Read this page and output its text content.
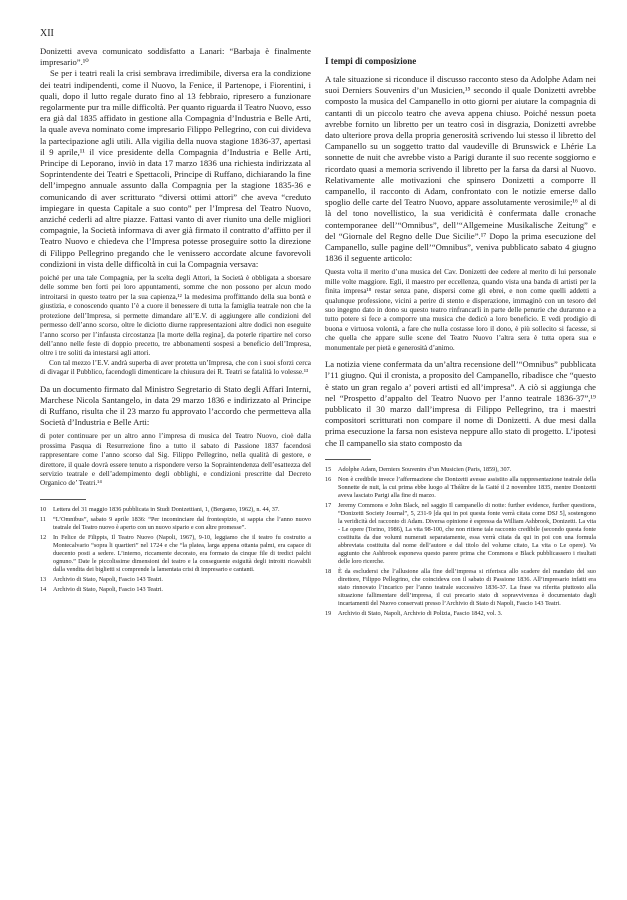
XII

Donizetti aveva comunicato soddisfatto a Lanari: “Barbaja è finalmente impresario”.¹⁰

Se per i teatri reali la crisi sembrava irredimibile, diversa era la condizione dei teatri indipendenti, come il Nuovo, la Fenice, il Partenope, i Fiorentini, i quali, dopo il lutto regale durato fino al 13 febbraio, ripresero a funzionare regolarmente pur tra mille difficoltà. Per quanto riguarda il Teatro Nuovo, esso era già dal 1835 affidato in gestione alla Compagnia d’Industria e Belle Arti, la quale aveva nominato come impresario Filippo Pellegrino, con cui divideva la partecipazione agli utili. Alla vigilia della nuova stagione 1836-37, apertasi il 9 aprile,¹¹ il vice presidente della Compagnia d’Industria e Belle Arti, Principe di Leporano, inviò in data 17 marzo 1836 una richiesta indirizzata al Soprintendente dei Teatri e Spettacoli, Principe di Ruffano, dichiarando la fine dell’impegno annuale assunto dalla Compagnia per la stagione 1835-36 e comunicando di aver scritturato “diversi ottimi attori” che aveva “creduto impiegare in questa Capitale a suo conto” per l’Impresa del Teatro Nuovo, anziché cederli ad altre piazze. Fattasi vanto di aver riunito una delle migliori compagnie, la Società informava di aver già firmato il contratto d’affitto per il Teatro Nuovo e chiedeva che l’Impresa potesse proseguire sotto la direzione di Filippo Pellegrino pregando che le venissero accordate alcune favorevoli condizioni in vista delle difficoltà in cui la Compagnia versava:

poiché per una tale Compagnia, per la scelta degli Attori, la Società è obbligata a sborsare delle somme ben forti pei loro appuntamenti, somme che non possono per alcun modo introitarsi in questo teatro per la sua capienza,¹² la medesima proffittando della sua bontà e giustizia, e conoscendo quanto l’è a cuore il benessere di tutta la famiglia teatrale non che la protezione dell’Impresa, si permette dimandare all’E.V. di aggiungere alle condizioni del permesso dell’anno scorso, oltre le diciotto diurne rappresentazioni altre dodici non eseguite l’anno scorso per l’infausta circostanza [la morte della regina], da poterle ripartire nel corso dell’anno nelle feste di doppio precetto, tre abbonamenti sospesi a beneficio dell’Impresa, oltre i tre soliti da intestarsi agli attori.

Con tal mezzo l’E.V. andrà superba di aver protetta un’Impresa, che con i suoi sforzi cerca di divagar il Pubblico, facendogli dimenticare la chiusura dei R. Teatri se fatalità lo volesse.¹³

Da un documento firmato dal Ministro Segretario di Stato degli Affari Interni, Marchese Nicola Santangelo, in data 29 marzo 1836 e indirizzato al Principe di Ruffano, risulta che il 23 marzo fu approvato l’accordo che permetteva alla Società d’Industria e Belle Arti:

di poter continuare per un altro anno l’impresa di musica del Teatro Nuovo, cioè dalla prossima Pasqua di Resurrezione fino a tutto il sabato di Passione 1837 facendosi rappresentare come l’anno scorso dal Sig. Filippo Pellegrino, nella qualità di gestore, e direttore, il quale dovrà essere tenuto a rispondere verso la Sopraintendenza dell’esattezza del servizio teatrale e dell’adempimento degli obblighi, e condizioni prescritte dal Decreto Organico de’ Teatri.¹⁴

10 Lettera del 31 maggio 1836 pubblicata in Studi Donizettiani, 1, (Bergamo, 1962), n. 44, 37.
11 “L’Omnibus”, sabato 9 aprile 1836: “Per incominciare dal frontespizio, si sappia che l’anno nuovo teatrale del Teatro nuovo è aperto con un nuovo sipario e con altre promesse”.
12 In Felice de Filippis, Il Teatro Nuovo (Napoli, 1967), 9-10, leggiamo che il teatro fu costruito a Montecalvario “sopra li quartieri” nel 1724 e che “la platea, larga appena ottanta palmi, era capace di duecento posti a sedere. L’interno, riccamente decorato, era formato da cinque file di tredici palchi ognuno.” Date le piccolissime dimensioni del teatro e la conseguente esiguità degli introiti ricavabili dalla vendita dei biglietti si comprende la lamentata crisi di impresario e cantanti.
13 Archivio di Stato, Napoli, Fascio 143 Teatri.
14 Archivio di Stato, Napoli, Fascio 143 Teatri.
I tempi di composizione

A tale situazione si riconduce il discusso racconto steso da Adolphe Adam nei suoi Derniers Souvenirs d’un Musicien,¹⁵ secondo il quale Donizetti avrebbe composto la musica del Campanello in otto giorni per aiutare la compagnia di cantanti di un piccolo teatro che aveva appena chiuso. Poiché nessun poeta avrebbe fornito un libretto per un teatro così in disgrazia, Donizetti avrebbe dato ulteriore prova della propria generosità scrivendo lui stesso il libretto del Campanello su un soggetto tratto dal vaudeville di Brunswick e Lhérie La sonnette de nuit che avrebbe visto a Parigi durante il suo recente soggiorno e ricordato quasi a memoria scrivendo il libretto per la farsa da darsi al Nuovo. Relativamente alle motivazioni che spinsero Donizetti a comporre Il campanello, il racconto di Adam, confrontato con le notizie emerse dallo spoglio delle carte del Teatro Nuovo, appare assolutamente verosimile;¹⁶ al di là del tono novellistico, la sua veridicità è confermata dalle cronache contemporanee dell’“Omnibus”, dell’“Allgemeine Musikalische Zeitung” e del “Giornale del Regno delle Due Sicilie”.¹⁷ Dopo la prima esecuzione del Campanello, sulle pagine dell’“Omnibus”, veniva pubblicato sabato 4 giugno 1836 il seguente articolo:

Questa volta il merito d’una musica del Cav. Donizetti dee cedere al merito di lui personale mille volte maggiore. Egli, il maestro per eccellenza, quando vista una banda di artisti per la finita impresa¹⁸ restar senza pane, dispersi come gli ebrei, e non come quelli addetti a qualunque professione, vicini a perire di stento e disperazione, immaginò con un tesoro del suo ingegno dato in dono su questo teatro rinfrancarli in parte delle penurie che durarono e a tutto potere si fece a comporre una musica che dedicò a loro beneficio. E vedi prodigio di buona e virtuosa volontà, a fare che nulla costasse loro il dono, è più sollecito si facesse, si che quella che appare sulle scene del Teatro Nuovo l’altra sera è tutta opera sua e monumentale per pietà e generosità d’animo.

La notizia viene confermata da un’altra recensione dell’“Omnibus” pubblicata l’11 giugno. Qui il cronista, a proposito del Campanello, ribadisce che “questo è stato un gran regalo a’ poveri artisti ed all’impresa”. A ciò si aggiunga che nel “Prospetto d’appalto del Teatro Nuovo per l’anno teatrale 1836-37”,¹⁹ pubblicato il 30 marzo dall’impresa di Filippo Pellegrino, tra i maestri compositori scritturati non compare il nome di Donizetti. A due mesi dalla prima esecuzione la farsa non esisteva neppure allo stato di progetto. L’ipotesi che Il campanello sia stato composto da

15 Adolphe Adam, Derniers Souvenirs d’un Musicien (Paris, 1859), 307.
16 Non è credibile invece l’affermazione che Donizetti avesse assistito alla rappresentazione teatrale della Sonnette de nuit, la cui prima ebbe luogo al Théâtre de la Gaité il 2 novembre 1835, mentre Donizetti aveva lasciato Parigi alla fine di marzo.
17 Jeremy Commons e John Black, nel saggio Il campanello di notte: further evidence, further questions, “Donizetti Society Journal”, 5, 231-9 [da qui in poi questa fonte verrà citata come DSJ 5], sostengono la veridicità del racconto di Adam. Diversa opinione è espressa da William Ashbrook, Donizetti. La vita - Le opere (Torino, 1986), La vita 98-100, che non ritiene tale racconto credibile (secondo questa fonte costituita da due volumi numerati separatamente, essa verrà citata da qui in poi con una formula abbreviata costituita dal nome dell’autore e dal titolo del volume citato, La vita o Le opere). Va aggiunto che Ashbrook esponeva questo parere prima che Commons e Black pubblicassero i risultati delle loro ricerche.
18 È da escludersi che l’allusione alla fine dell’impresa si riferisca allo scadere del mandato del suo direttore, Filippo Pellegrino, che coincideva con il sabato di Passione 1836. All’impresario infatti era stato rinnovato l’incarico per l’anno teatrale successivo 1836-37. La frase va riferita piuttosto alla situazione fallimentare dell’impresa, il cui precario stato di sopravvivenza è documentato dagli incartamenti del Nuovo conservati presso l’Archivio di Stato di Napoli, Fascio 143 Teatri.
19 Archivio di Stato, Napoli, Archivio di Polizia, Fascio 1842, vol. 3.
